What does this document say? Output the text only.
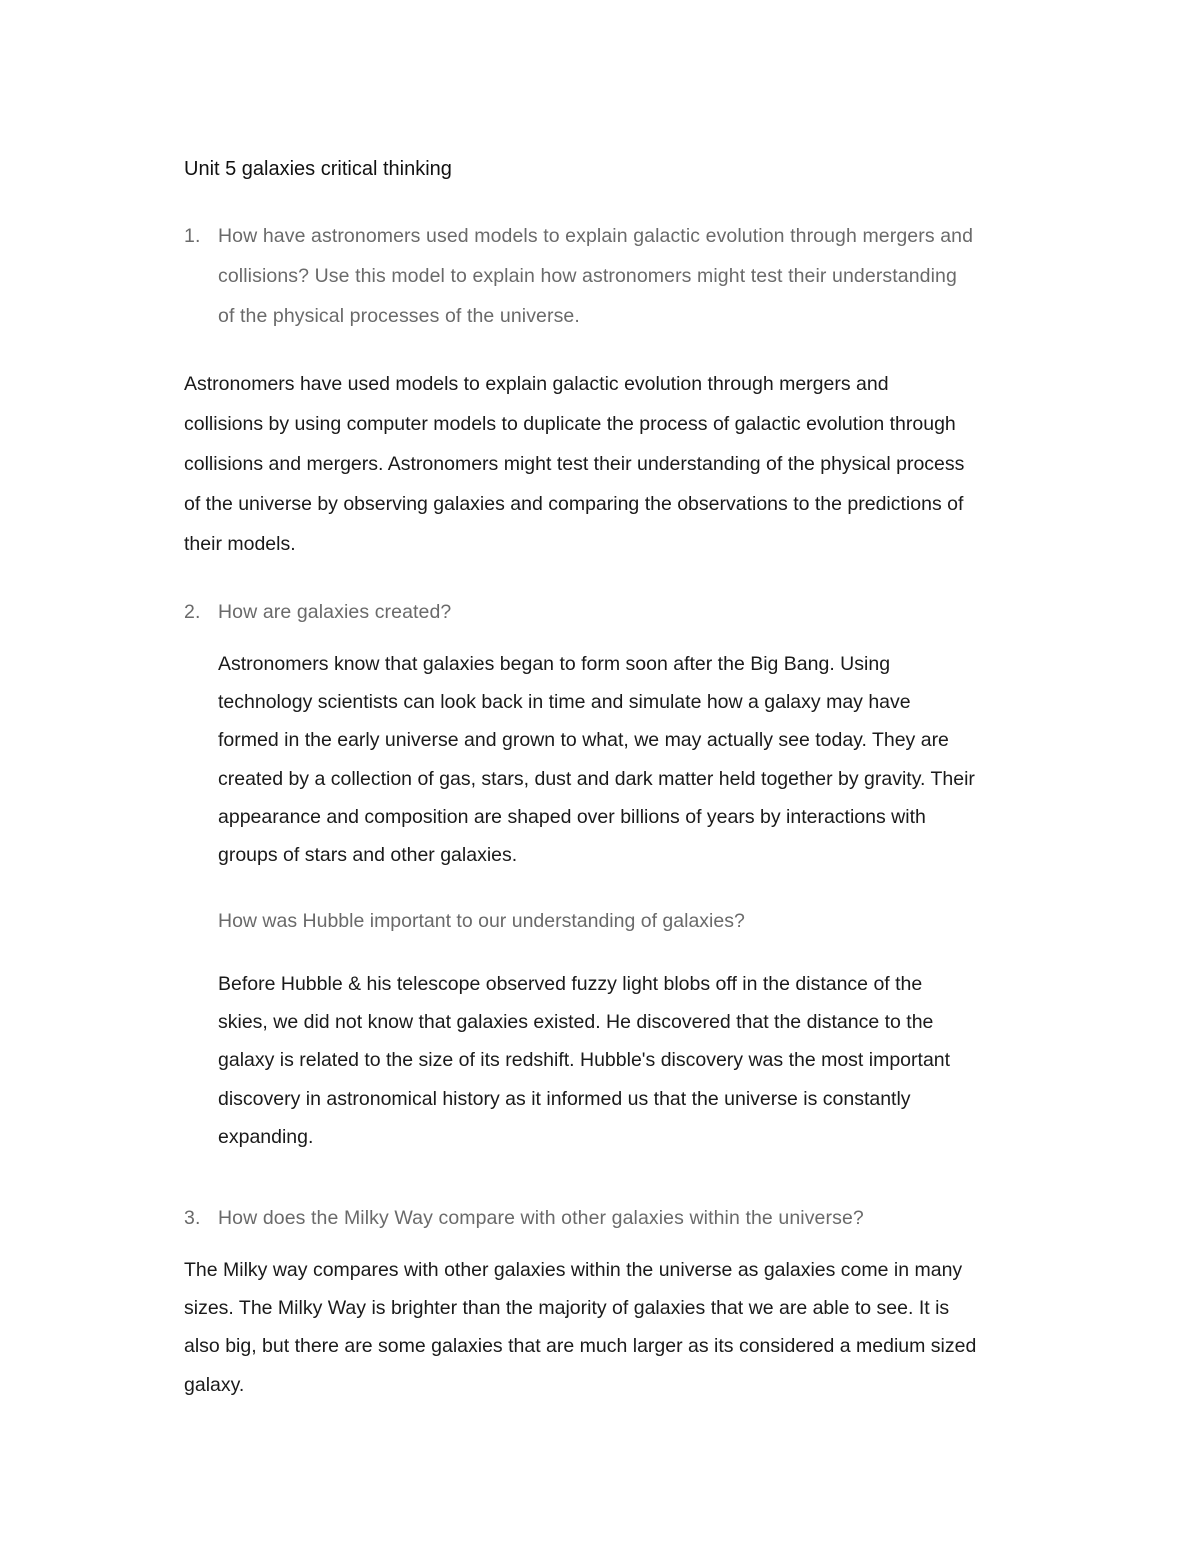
Unit 5 galaxies critical thinking
1. How have astronomers used models to explain galactic evolution through mergers and
collisions? Use this model to explain how astronomers might test their understanding
of the physical processes of the universe.
Astronomers have used models to explain galactic evolution through mergers and
collisions by using computer models to duplicate the process of galactic evolution through
collisions and mergers. Astronomers might test their understanding of the physical process
of the universe by observing galaxies and comparing the observations to the predictions of
their models.
2. How are galaxies created?
Astronomers know that galaxies began to form soon after the Big Bang. Using
technology scientists can look back in time and simulate how a galaxy may have
formed in the early universe and grown to what, we may actually see today. They are
created by a collection of gas, stars, dust and dark matter held together by gravity. Their
appearance and composition are shaped over billions of years by interactions with
groups of stars and other galaxies.
How was Hubble important to our understanding of galaxies?
Before Hubble & his telescope observed fuzzy light blobs off in the distance of the
skies, we did not know that galaxies existed. He discovered that the distance to the
galaxy is related to the size of its redshift. Hubble's discovery was the most important
discovery in astronomical history as it informed us that the universe is constantly
expanding.
3. How does the Milky Way compare with other galaxies within the universe?
The Milky way compares with other galaxies within the universe as galaxies come in many
sizes. The Milky Way is brighter than the majority of galaxies that we are able to see. It is
also big, but there are some galaxies that are much larger as its considered a medium sized
galaxy.
